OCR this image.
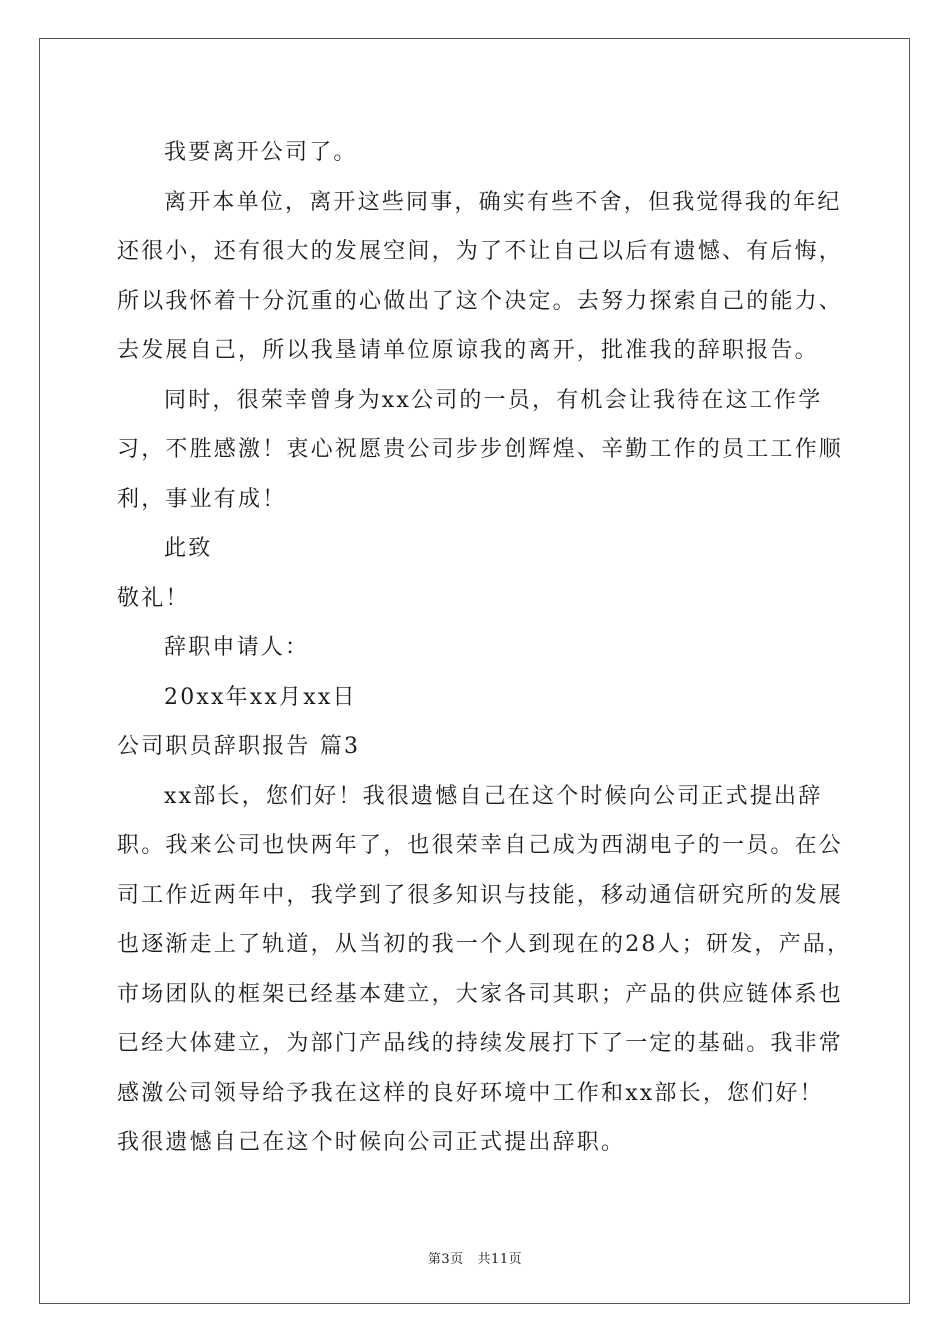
我要离开公司了。
离开本单位，离开这些同事，确实有些不舍，但我觉得我的年纪
还很小，还有很大的发展空间，为了不让自己以后有遗憾、有后悔，
所以我怀着十分沉重的心做出了这个决定。去努力探索自己的能力、
去发展自己，所以我垦请单位原谅我的离开，批准我的辞职报告。
同时，很荣幸曾身为xx公司的一员，有机会让我待在这工作学
习，不胜感激！衷心祝愿贵公司步步创辉煌、辛勤工作的员工工作顺
利，事业有成！
此致
敬礼！
辞职申请人：
20xx年xx月xx日
公司职员辞职报告 篇3
xx部长，您们好！我很遗憾自己在这个时候向公司正式提出辞
职。我来公司也快两年了，也很荣幸自己成为西湖电子的一员。在公
司工作近两年中，我学到了很多知识与技能，移动通信研究所的发展
也逐渐走上了轨道，从当初的我一个人到现在的28人；研发，产品，
市场团队的框架已经基本建立，大家各司其职；产品的供应链体系也
已经大体建立，为部门产品线的持续发展打下了一定的基础。我非常
感激公司领导给予我在这样的良好环境中工作和xx部长，您们好！
我很遗憾自己在这个时候向公司正式提出辞职。
第3页   共11页
